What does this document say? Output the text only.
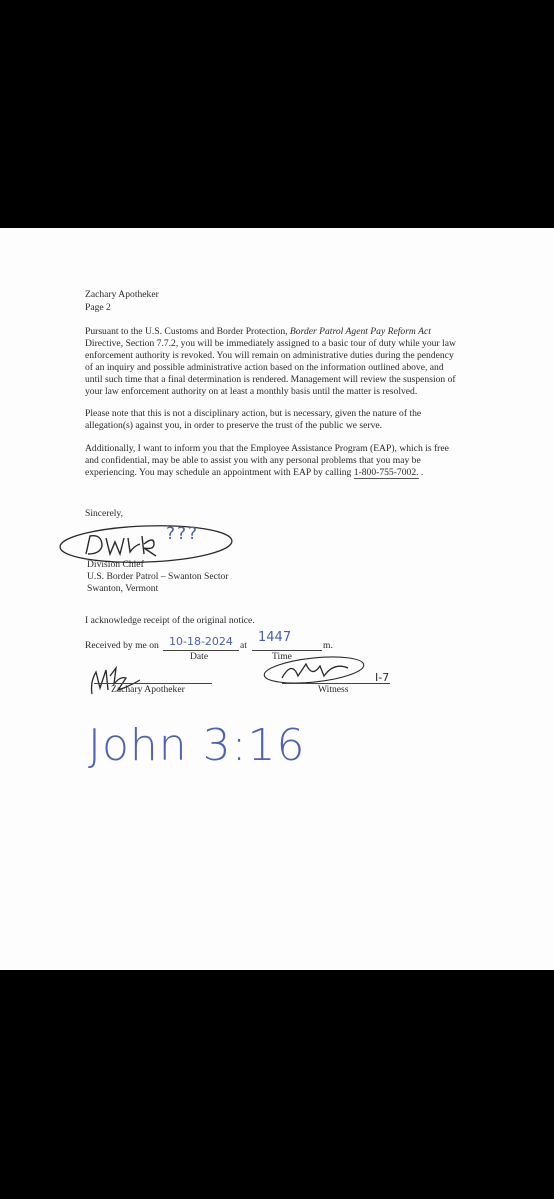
Zachary Apotheker
Page 2
Pursuant to the U.S. Customs and Border Protection, Border Patrol Agent Pay Reform Act
Directive, Section 7.7.2, you will be immediately assigned to a basic tour of duty while your law
enforcement authority is revoked. You will remain on administrative duties during the pendency
of an inquiry and possible administrative action based on the information outlined above, and
until such time that a final determination is rendered. Management will review the suspension of
your law enforcement authority on at least a monthly basis until the matter is resolved.
Please note that this is not a disciplinary action, but is necessary, given the nature of the
allegation(s) against you, in order to preserve the trust of the public we serve.
Additionally, I want to inform you that the Employee Assistance Program (EAP), which is free
and confidential, may be able to assist you with any personal problems that you may be
experiencing. You may schedule an appointment with EAP by calling 1-800-755-7002. .
Sincerely,
???
Division Chief
U.S. Border Patrol – Swanton Sector
Swanton, Vermont
I acknowledge receipt of the original notice.
Received by me on 10-18-2024 at
1447
m.
Date	Time
Zachary Apotheker
I-7
Witness
John 3:16
